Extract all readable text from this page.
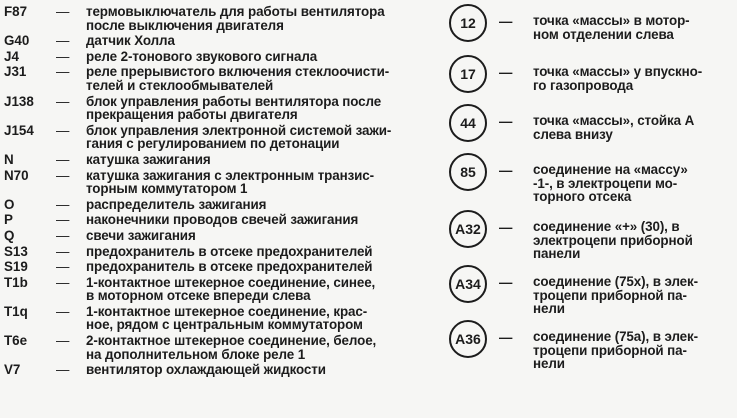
F87	—	термовыключатель для работы вентилятора
после выключения двигателя
G40	—	датчик Холла
J4	—	реле 2-тонового звукового сигнала
J31	—	реле прерывистого включения стеклоочисти-
телей и стеклообмывателей
J138	—	блок управления работы вентилятора после
прекращения работы двигателя
J154	—	блок управления электронной системой зажи-
гания с регулированием по детонации
N	—	катушка зажигания
N70	—	катушка зажигания с электронным транзис-
торным коммутатором 1
O	—	распределитель зажигания
P	—	наконечники проводов свечей зажигания
Q	—	свечи зажигания
S13	—	предохранитель в отсеке предохранителей
S19	—	предохранитель в отсеке предохранителей
T1b	—	1-контактное штекерное соединение, синее,
в моторном отсеке впереди слева
T1q	—	1-контактное штекерное соединение, крас-
ное, рядом с центральным коммутатором
T6e	—	2-контактное штекерное соединение, белое,
на дополнительном блоке реле 1
V7	—	вентилятор охлаждающей жидкости
12	— точка «массы» в мотор-
ном отделении слева
17	— точка «массы» у впускно-
го газопровода
44	— точка «массы», стойка А
слева внизу
85	— соединение на «массу»
-1-, в электроцепи мо-
торного отсека
A32	— соединение «+» (30), в
электроцепи приборной
панели
A34	— соединение (75х), в элек-
троцепи приборной па-
нели
A36	— соединение (75а), в элек-
троцепи приборной па-
нели
